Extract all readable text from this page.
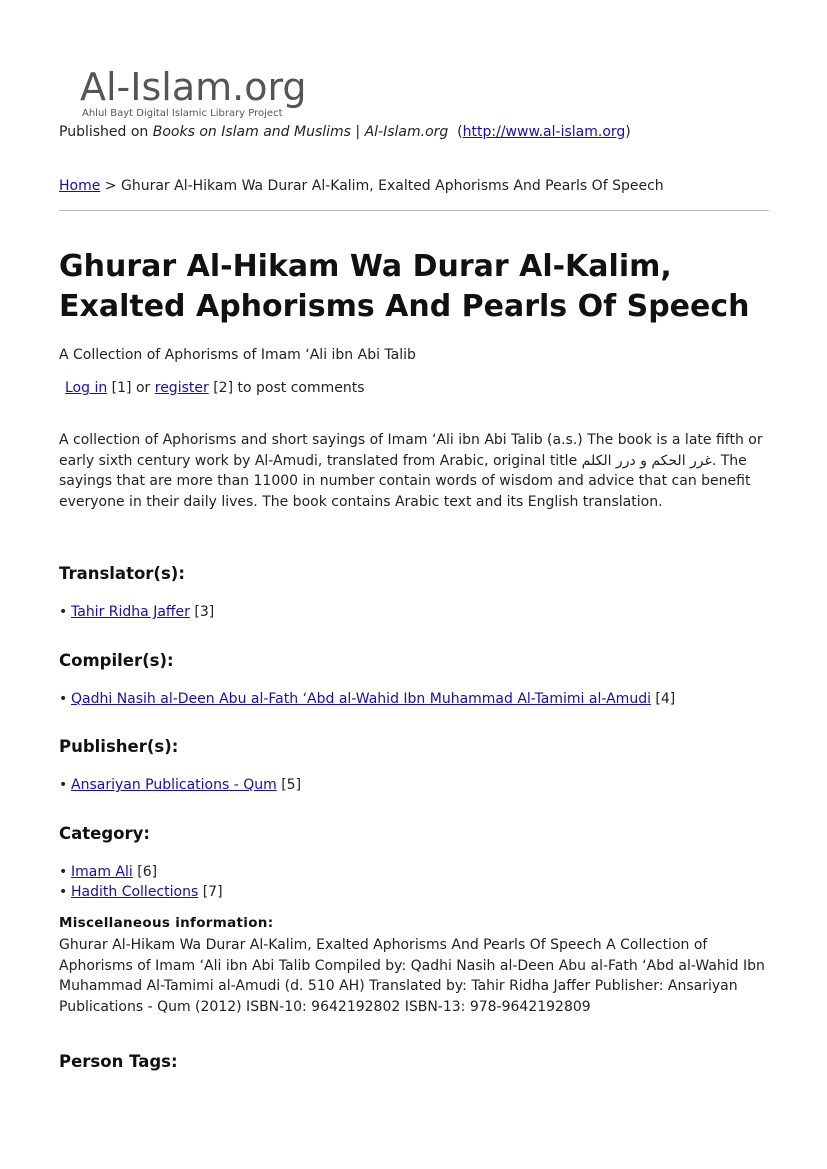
Al-Islam.org
Ahlul Bayt Digital Islamic Library Project
Published on Books on Islam and Muslims | Al-Islam.org  (http://www.al-islam.org)
Home > Ghurar Al-Hikam Wa Durar Al-Kalim, Exalted Aphorisms And Pearls Of Speech
Ghurar Al-Hikam Wa Durar Al-Kalim,
Exalted Aphorisms And Pearls Of Speech
A Collection of Aphorisms of Imam ‘Ali ibn Abi Talib
Log in [1] or register [2] to post comments
A collection of Aphorisms and short sayings of Imam ‘Ali ibn Abi Talib (a.s.) The book is a late fifth or early sixth century work by Al-Amudi, translated from Arabic, original title غرر الحكم و درر الكلم. The sayings that are more than 11000 in number contain words of wisdom and advice that can benefit everyone in their daily lives. The book contains Arabic text and its English translation.
Translator(s):
• Tahir Ridha Jaffer [3]
Compiler(s):
• Qadhi Nasih al-Deen Abu al-Fath ‘Abd al-Wahid Ibn Muhammad Al-Tamimi al-Amudi [4]
Publisher(s):
• Ansariyan Publications - Qum [5]
Category:
• Imam Ali [6]
• Hadith Collections [7]
Miscellaneous information:
Ghurar Al-Hikam Wa Durar Al-Kalim, Exalted Aphorisms And Pearls Of Speech A Collection of Aphorisms of Imam ‘Ali ibn Abi Talib Compiled by: Qadhi Nasih al-Deen Abu al-Fath ‘Abd al-Wahid Ibn Muhammad Al-Tamimi al-Amudi (d. 510 AH) Translated by: Tahir Ridha Jaffer Publisher: Ansariyan Publications - Qum (2012) ISBN-10: 9642192802 ISBN-13: 978-9642192809
Person Tags:
